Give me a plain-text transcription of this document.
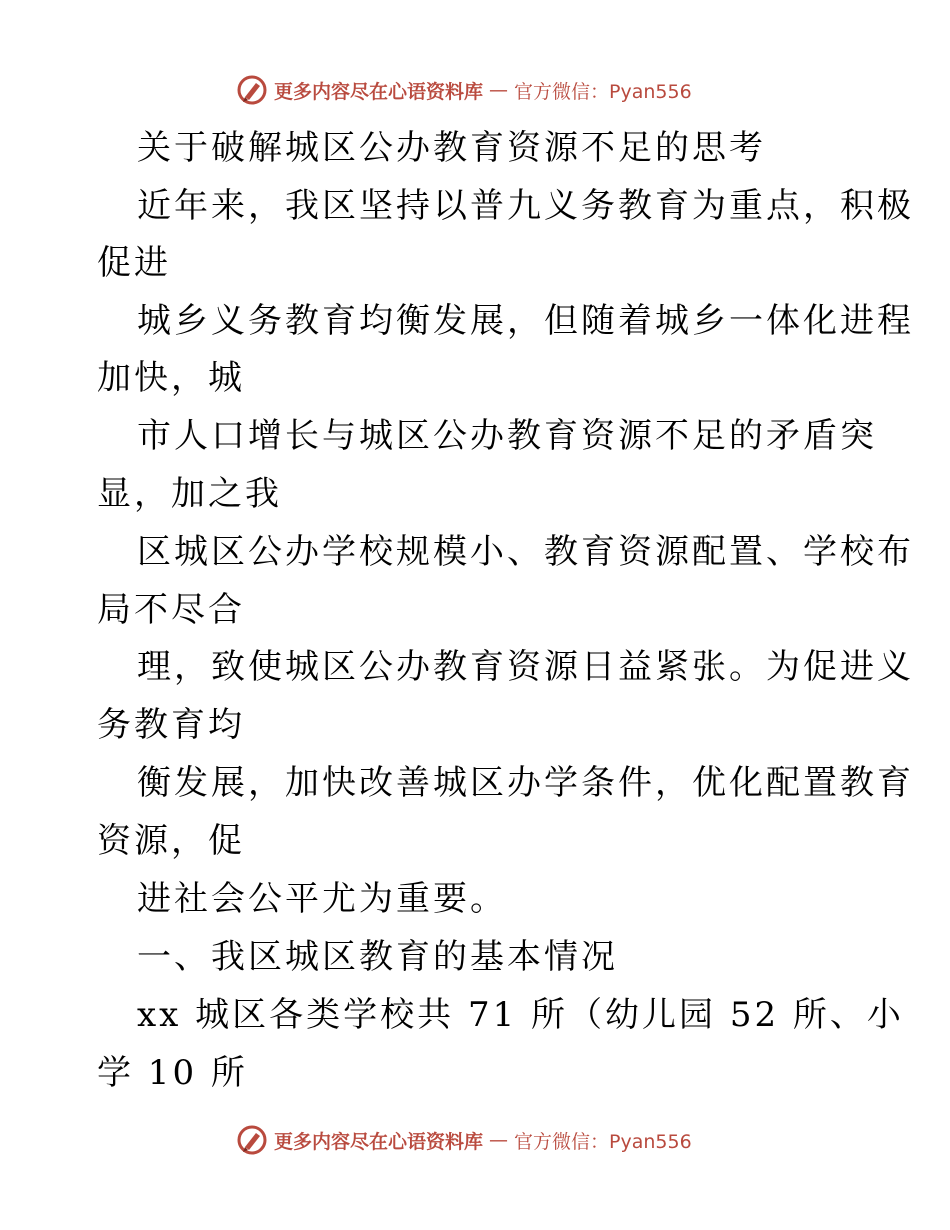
更多内容尽在心语资料库 — 官方微信：Pyan556
关于破解城区公办教育资源不足的思考
近年来，我区坚持以普九义务教育为重点，积极
促进
城乡义务教育均衡发展，但随着城乡一体化进程
加快，城
市人口增长与城区公办教育资源不足的矛盾突
显，加之我
区城区公办学校规模小、教育资源配置、学校布
局不尽合
理，致使城区公办教育资源日益紧张。为促进义
务教育均
衡发展，加快改善城区办学条件，优化配置教育
资源，促
进社会公平尤为重要。
一、我区城区教育的基本情况
xx 城区各类学校共 71 所（幼儿园 52 所、小
学 10 所
更多内容尽在心语资料库 — 官方微信：Pyan556
